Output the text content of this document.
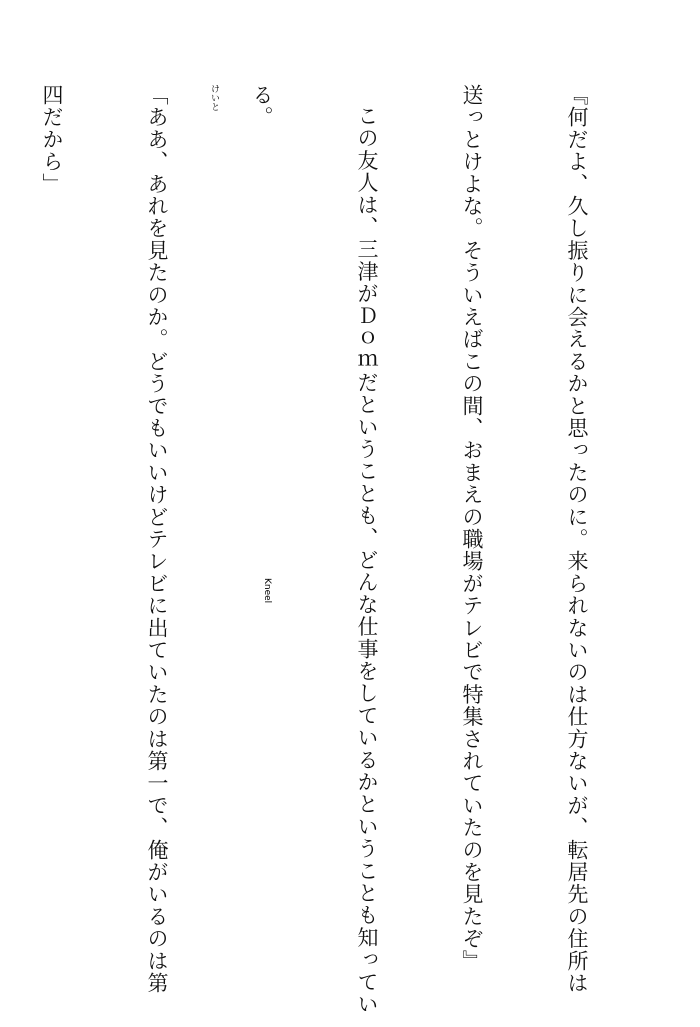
『何だよ、久し振りに会えるかと思ったのに。来られないのは仕方ないが、転居先の住所は

送っとけよな。そういえばこの間、おまえの職場がテレビで特集されていたのを見たぞ』

この友人は、三津がＤｏｍだということも、どんな仕事をしているかということも知ってい

る。

「ああ、あれを見たのか。どうでもいいけどテレビに出ていたのは第一で、俺がいるのは第

四だから」

Kneel
けいと
